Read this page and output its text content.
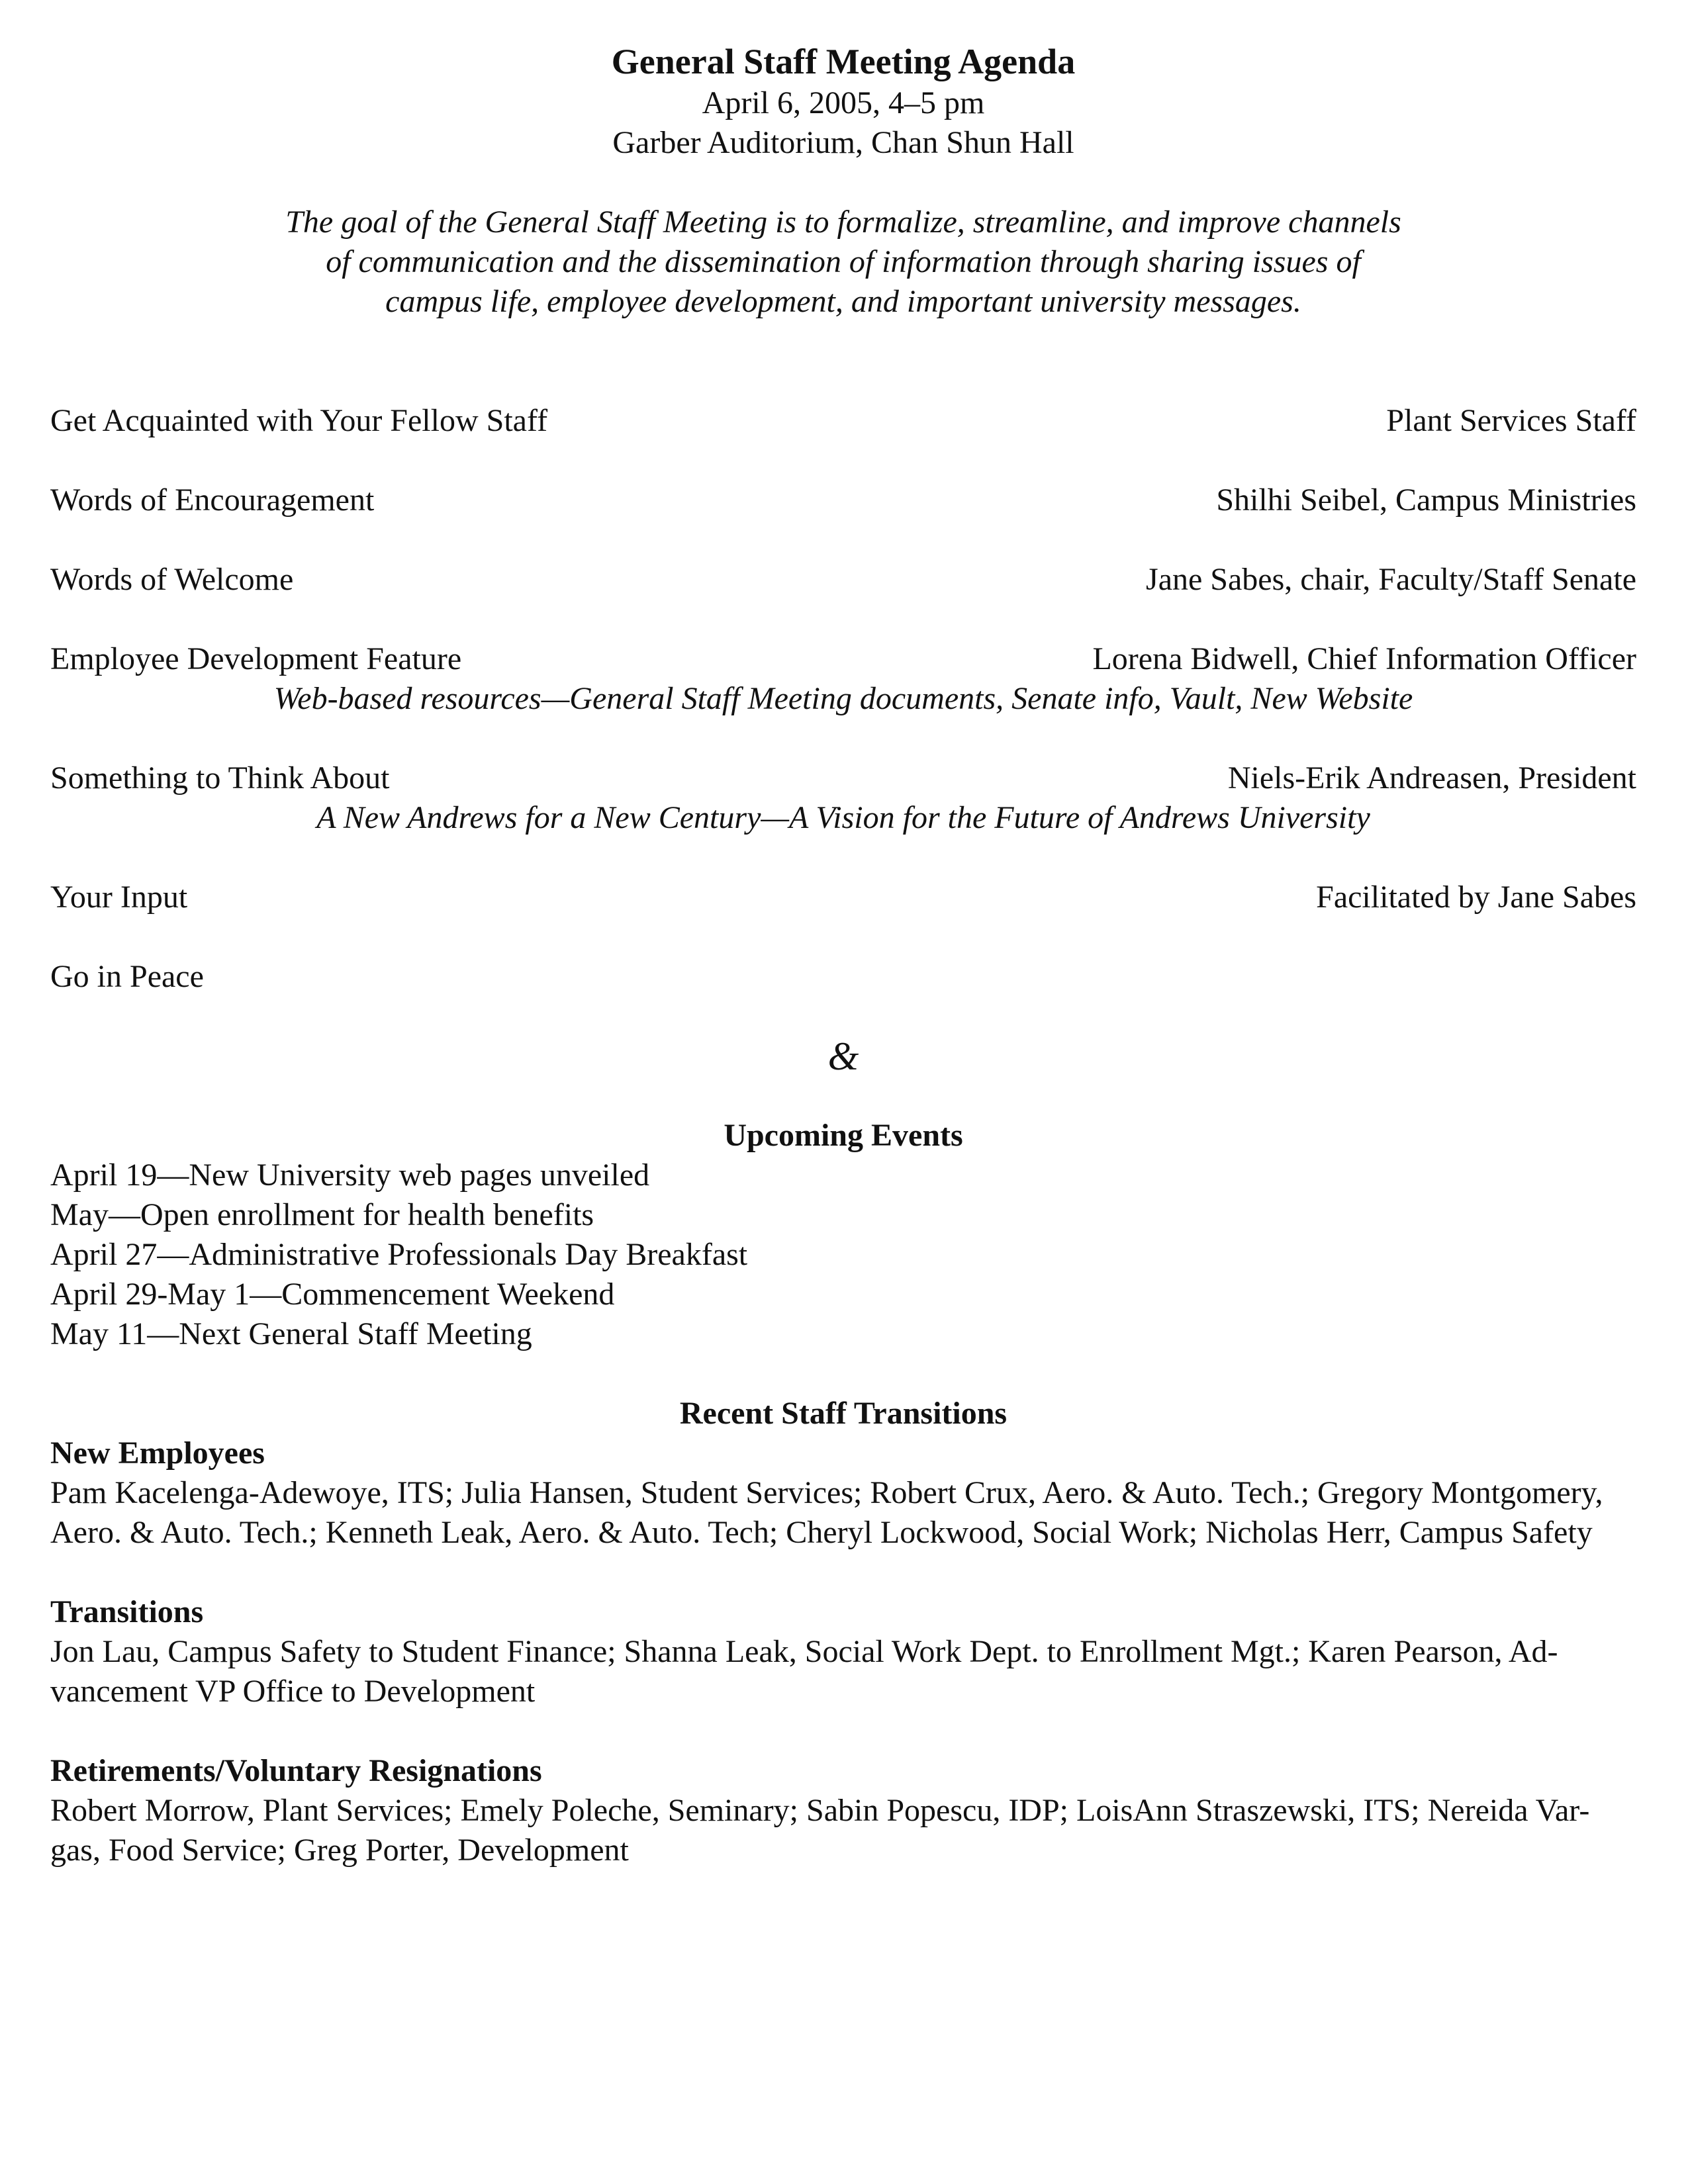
General Staff Meeting Agenda
April 6, 2005, 4–5 pm
Garber Auditorium, Chan Shun Hall
The goal of the General Staff Meeting is to formalize, streamline, and improve channels
of communication and the dissemination of information through sharing issues of
campus life, employee development, and important university messages.
Get Acquainted with Your Fellow Staff	Plant Services Staff
Words of Encouragement	Shilhi Seibel, Campus Ministries
Words of Welcome	Jane Sabes, chair, Faculty/Staff Senate
Employee Development Feature	Lorena Bidwell, Chief Information Officer
Web-based resources—General Staff Meeting documents, Senate info, Vault, New Website
Something to Think About	Niels-Erik Andreasen, President
A New Andrews for a New Century—A Vision for the Future of Andrews University
Your Input	Facilitated by Jane Sabes
Go in Peace
&
Upcoming Events
April 19—New University web pages unveiled
May—Open enrollment for health benefits
April 27—Administrative Professionals Day Breakfast
April 29-May 1—Commencement Weekend
May 11—Next General Staff Meeting
Recent Staff Transitions
New Employees
Pam Kacelenga-Adewoye, ITS; Julia Hansen, Student Services; Robert Crux, Aero. & Auto. Tech.; Gregory Montgomery,
Aero. & Auto. Tech.; Kenneth Leak, Aero. & Auto. Tech; Cheryl Lockwood, Social Work; Nicholas Herr, Campus Safety
Transitions
Jon Lau, Campus Safety to Student Finance; Shanna Leak, Social Work Dept. to Enrollment Mgt.; Karen Pearson, Ad-
vancement VP Office to Development
Retirements/Voluntary Resignations
Robert Morrow, Plant Services; Emely Poleche, Seminary; Sabin Popescu, IDP; LoisAnn Straszewski, ITS; Nereida Var-
gas, Food Service; Greg Porter, Development
